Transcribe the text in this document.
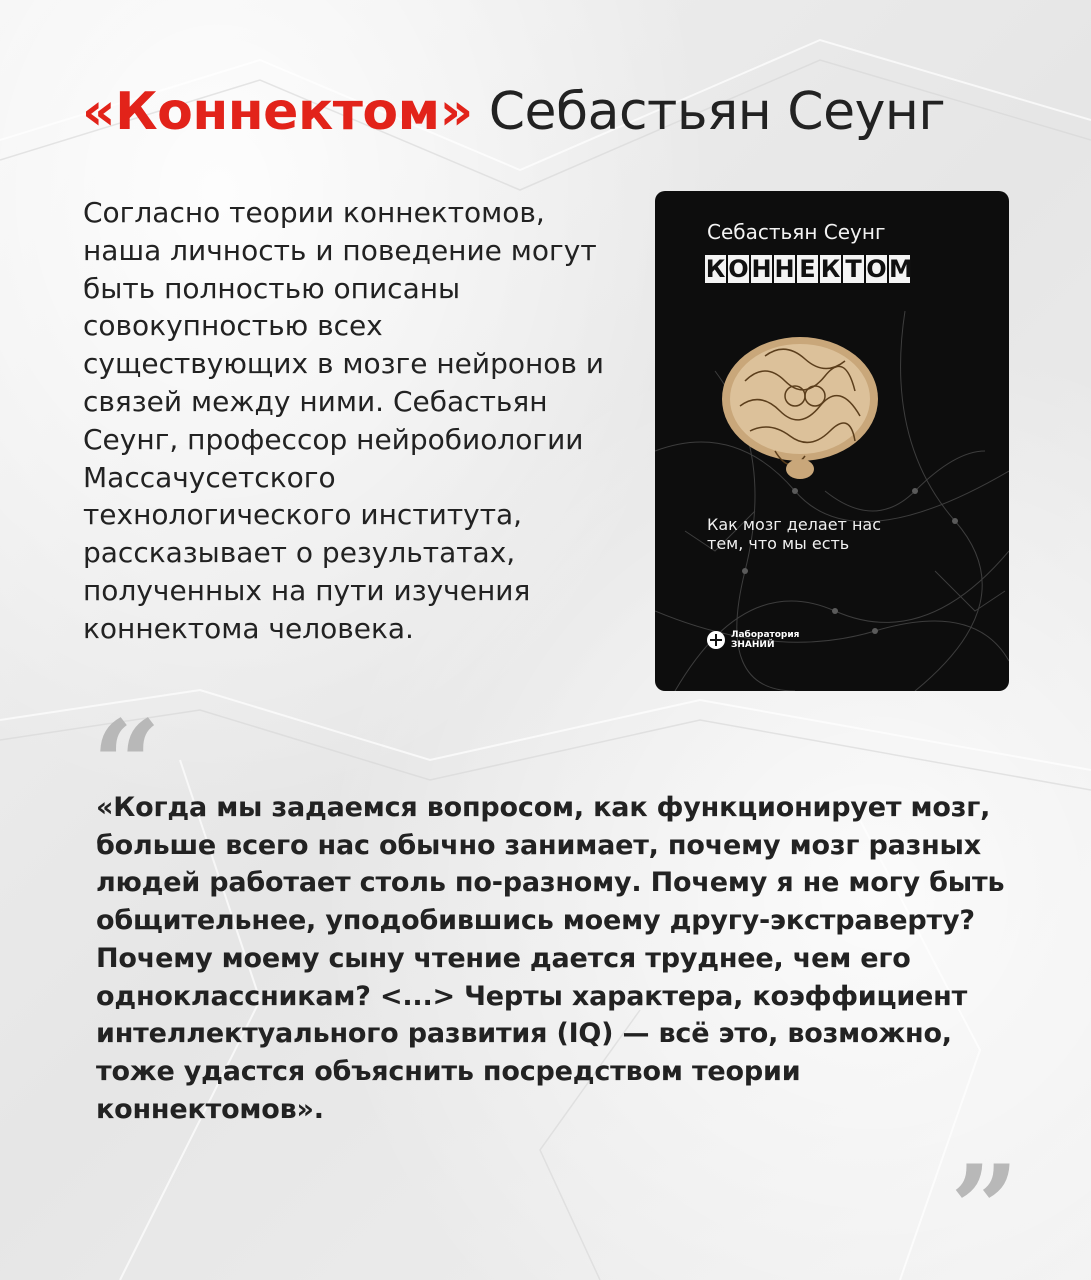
«Коннектом» Себастьян Сеунг

Согласно теории коннектомов, наша личность и поведение могут быть полностью описаны совокупностью всех существующих в мозге нейронов и связей между ними. Себастьян Сеунг, профессор нейробиологии Массачусетского технологического института, рассказывает о результатах, полученных на пути изучения коннектома человека.

Себастьян Сеунг
К О Н Н Е К Т О М
Как мозг делает нас тем, что мы есть
Лаборатория
ЗНАНИЙ
“

«Когда мы задаемся вопросом, как функционирует мозг, больше всего нас обычно занимает, почему мозг разных людей работает столь по-разному. Почему я не могу быть общительнее, уподобившись моему другу-экстраверту? Почему моему сыну чтение дается труднее, чем его одноклассникам? <...> Черты характера, коэффициент интеллектуального развития (IQ) — всё это, возможно, тоже удастся объяснить посредством теории коннектомов».

”
